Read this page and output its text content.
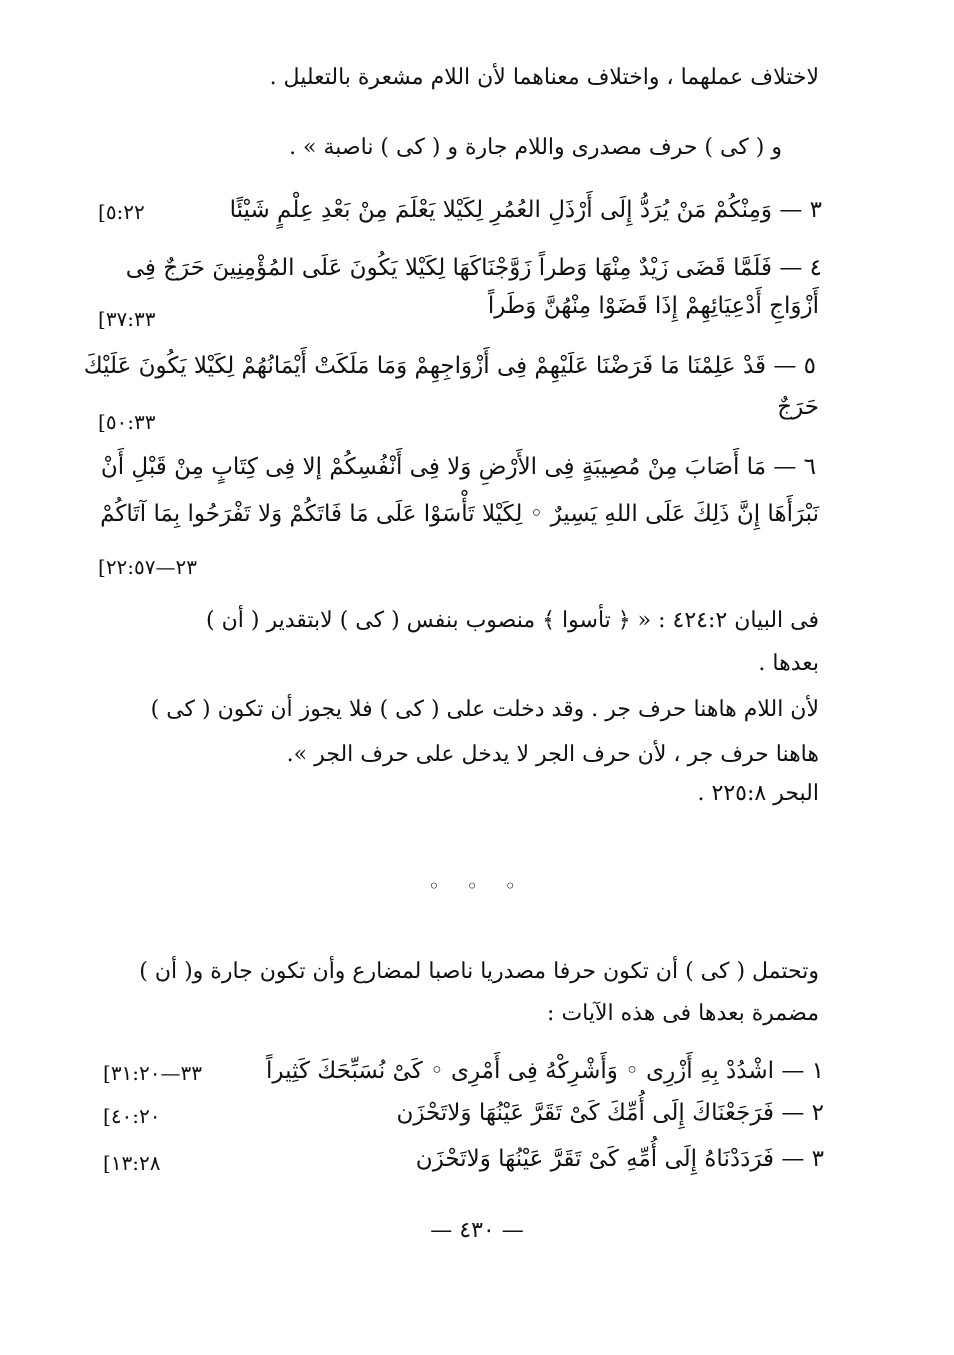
لاختلاف عملهما ، واختلاف معناهما لأن اللام مشعرة بالتعليل .
و ( كى ) حرف مصدرى واللام جارة و ( كى ) ناصبة » .
٣ — وَمِنْكُمْ مَنْ يُرَدُّ إِلَى أَرْذَلِ العُمُرِ لِكَيْلا يَعْلَمَ مِنْ بَعْدِ عِلْمٍ شَيْئًا
[٥:٢٢
٤ — فَلَمَّا قَضَى زَيْدٌ مِنْهَا وَطراً زَوَّجْنَاكَهَا لِكَيْلا يَكُونَ عَلَى المُؤْمِنِينَ حَرَجٌ فِى
أَزْوَاجِ أَدْعِيَائِهِمْ إِذَا قَضَوْا مِنْهُنَّ وَطَراً
[٣٧:٣٣
٥ — قَدْ عَلِمْنَا مَا فَرَضْنَا عَلَيْهِمْ فِى أَزْوَاجِهِمْ وَمَا مَلَكَتْ أَيْمَانُهُمْ لِكَيْلا يَكُونَ عَلَيْكَ
حَرَجٌ
[٥٠:٣٣
٦ — مَا أَصَابَ مِنْ مُصِيبَةٍ فِى الأَرْضِ وَلا فِى أَنْفُسِكُمْ إلا فِى كِتَابٍ مِنْ قَبْلِ أَنْ
نَبْرَأَهَا إِنَّ ذَلِكَ عَلَى اللهِ يَسِيرٌ ◦ لِكَيْلا تَأْسَوْا عَلَى مَا فَاتَكُمْ وَلا تَفْرَحُوا بِمَا آتَاكُمْ
[٢٣—٢٢:٥٧
فى البيان ٤٢٤:٢ : « ﴿ تأسوا ﴾ منصوب بنفس ( كى ) لابتقدير ( أن )
بعدها .
لأن اللام هاهنا حرف جر . وقد دخلت على ( كى ) فلا يجوز أن تكون ( كى )
هاهنا حرف جر ، لأن حرف الجر لا يدخل على حرف الجر ».
البحر ٢٢٥:٨ .
◦ ◦ ◦
وتحتمل ( كى ) أن تكون حرفا مصدريا ناصبا لمضارع وأن تكون جارة و( أن )
مضمرة بعدها فى هذه الآيات :
١ — اشْدُدْ بِهِ أَزْرِى ◦ وَأَشْرِكْهُ فِى أَمْرِى ◦ كَىْ نُسَبِّحَكَ كَثِيراً
[٣٣—٣١:٢٠
٢ — فَرَجَعْنَاكَ إِلَى أُمِّكَ كَىْ تَقَرَّ عَيْنُهَا وَلاتَحْزَن
[٤٠:٢٠
٣ — فَرَدَدْنَاهُ إِلَى أُمِّهِ كَىْ تَقَرَّ عَيْنُهَا وَلاتَحْزَن
[١٣:٢٨
— ٤٣٠ —
